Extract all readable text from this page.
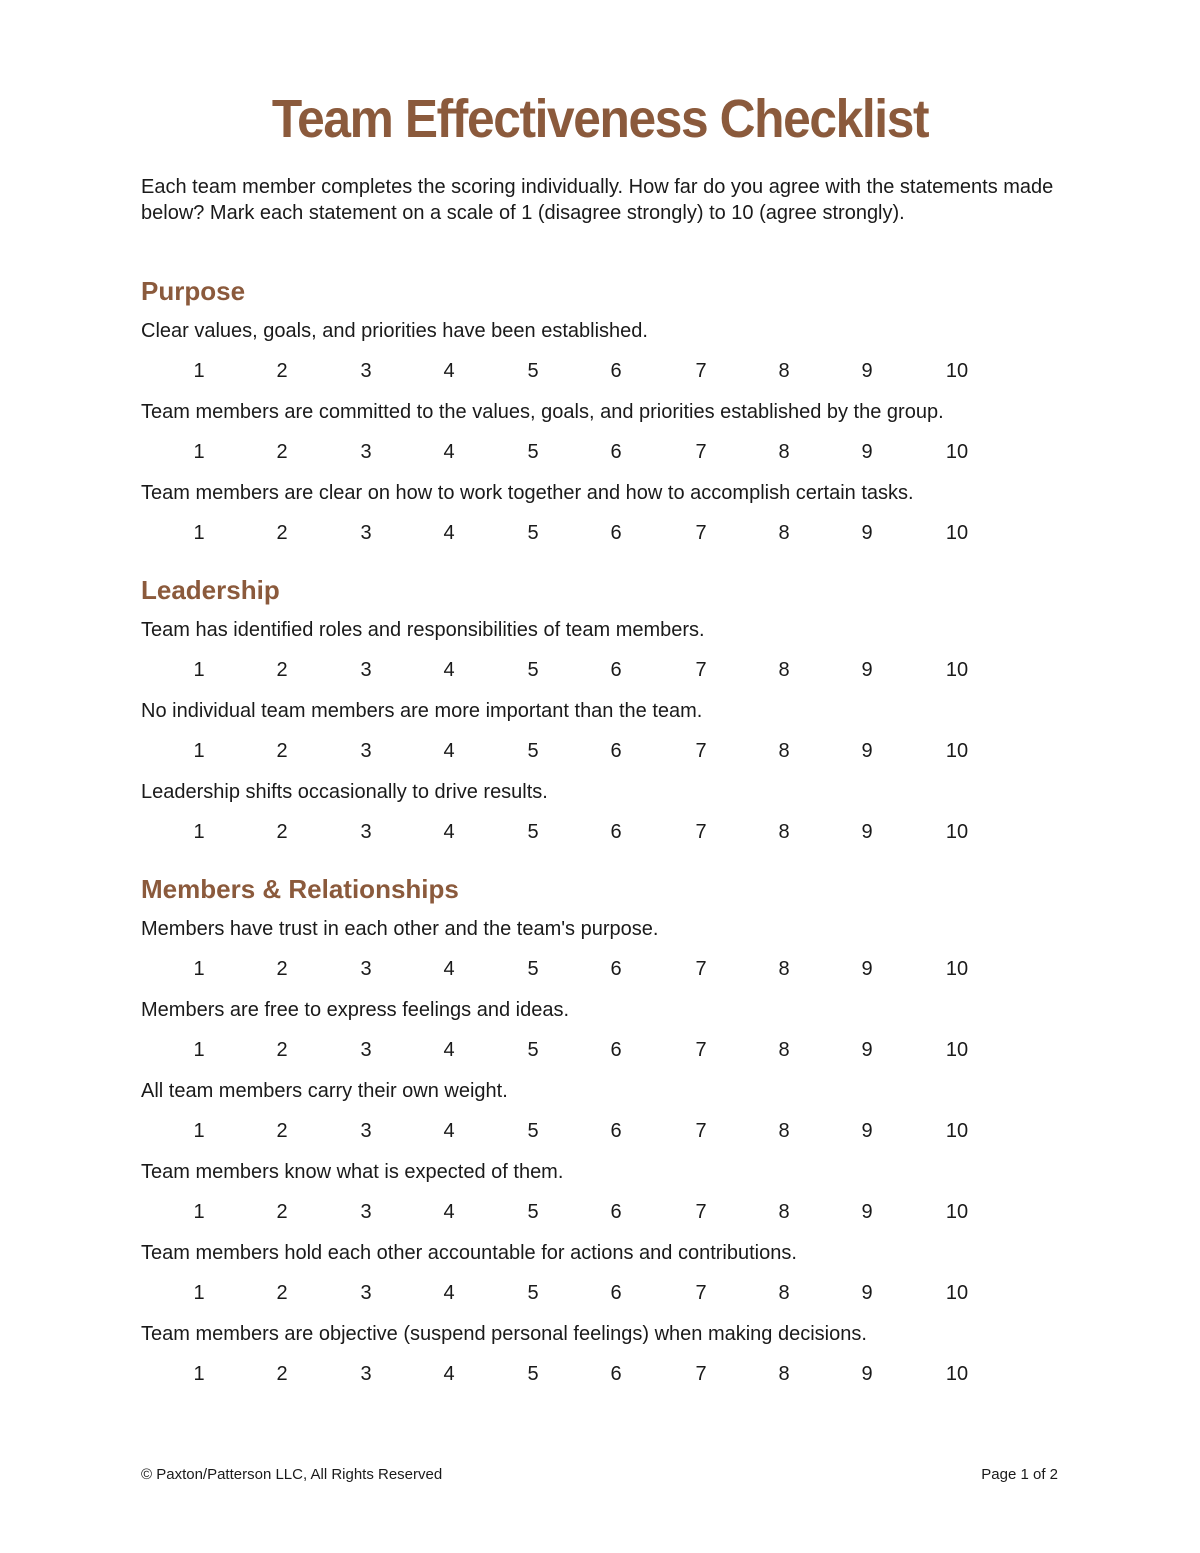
Team Effectiveness Checklist
Each team member completes the scoring individually. How far do you agree with the statements made below? Mark each statement on a scale of 1 (disagree strongly) to 10 (agree strongly).
Purpose
Clear values, goals, and priorities have been established.
1	2	3	4	5	6	7	8	9	10
Team members are committed to the values, goals, and priorities established by the group.
1	2	3	4	5	6	7	8	9	10
Team members are clear on how to work together and how to accomplish certain tasks.
1	2	3	4	5	6	7	8	9	10
Leadership
Team has identified roles and responsibilities of team members.
1	2	3	4	5	6	7	8	9	10
No individual team members are more important than the team.
1	2	3	4	5	6	7	8	9	10
Leadership shifts occasionally to drive results.
1	2	3	4	5	6	7	8	9	10
Members & Relationships
Members have trust in each other and the team's purpose.
1	2	3	4	5	6	7	8	9	10
Members are free to express feelings and ideas.
1	2	3	4	5	6	7	8	9	10
All team members carry their own weight.
1	2	3	4	5	6	7	8	9	10
Team members know what is expected of them.
1	2	3	4	5	6	7	8	9	10
Team members hold each other accountable for actions and contributions.
1	2	3	4	5	6	7	8	9	10
Team members are objective (suspend personal feelings) when making decisions.
1	2	3	4	5	6	7	8	9	10
© Paxton/Patterson LLC, All Rights Reserved	Page 1 of 2
